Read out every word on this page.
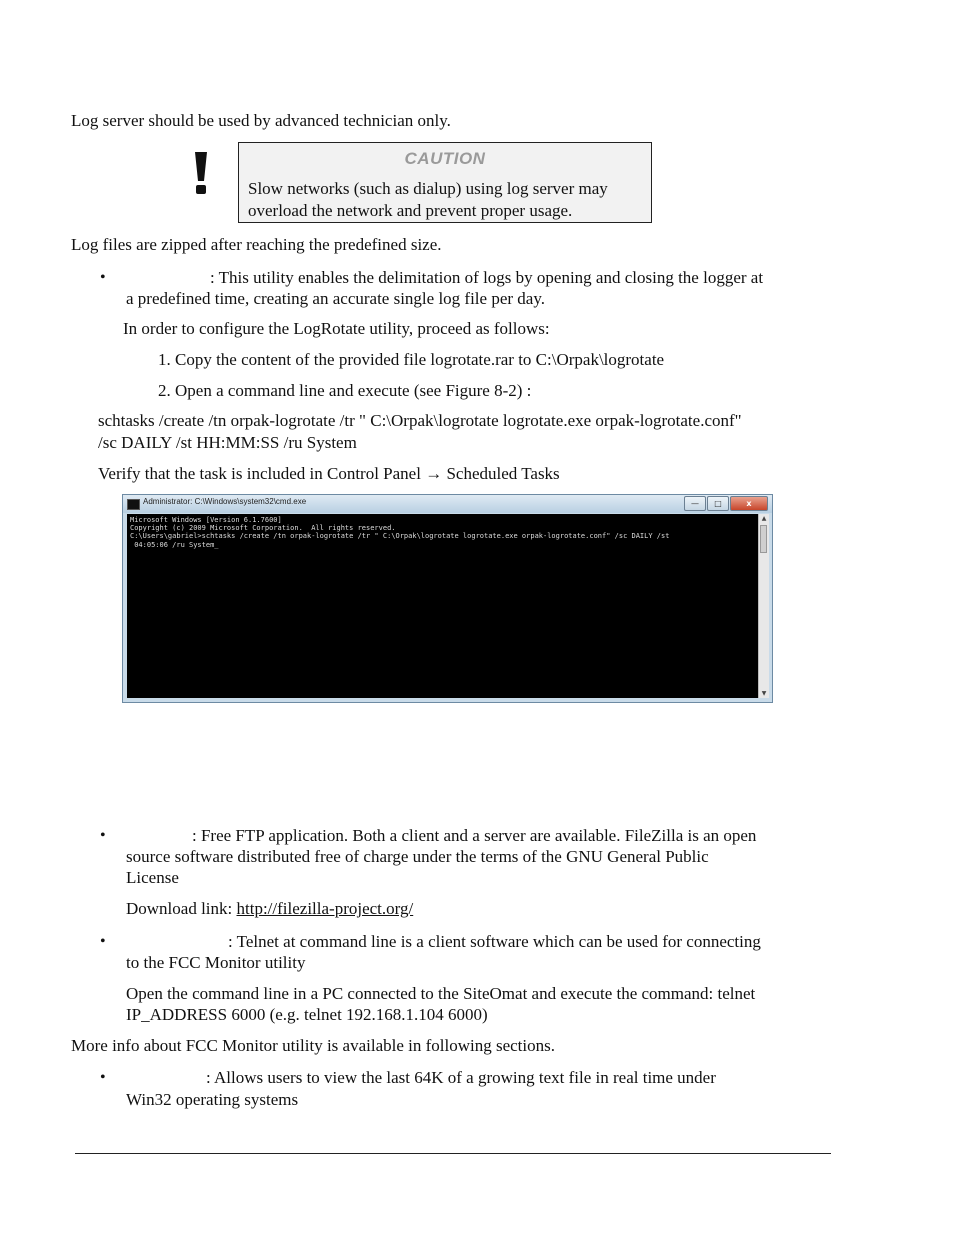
Log server should be used by advanced technician only.
CAUTION
Slow networks (such as dialup) using log server may
overload the network and prevent proper usage.
Log files are zipped after reaching the predefined size.
•	: This utility enables the delimitation of logs by opening and closing the logger at
a predefined time, creating an accurate single log file per day.
In order to configure the LogRotate utility, proceed as follows:
1. Copy the content of the provided file logrotate.rar to C:\Orpak\logrotate
2. Open a command line and execute (see Figure 8-2) :
schtasks /create /tn orpak-logrotate /tr " C:\Orpak\logrotate logrotate.exe orpak-logrotate.conf"
/sc DAILY /st HH:MM:SS /ru System
Verify that the task is included in Control Panel → Scheduled Tasks
Administrator: C:\Windows\system32\cmd.exe	—	□	x
Microsoft Windows [Version 6.1.7600]
Copyright (c) 2009 Microsoft Corporation.  All rights reserved.
C:\Users\gabriel>schtasks /create /tn orpak-logrotate /tr " C:\Orpak\logrotate logrotate.exe orpak-logrotate.conf" /sc DAILY /st
04:05:06 /ru System_
▲
▼
•	: Free FTP application. Both a client and a server are available. FileZilla is an open
source software distributed free of charge under the terms of the GNU General Public
License
Download link: http://filezilla-project.org/
•	: Telnet at command line is a client software which can be used for connecting
to the FCC Monitor utility
Open the command line in a PC connected to the SiteOmat and execute the command: telnet
IP_ADDRESS 6000 (e.g. telnet 192.168.1.104 6000)
More info about FCC Monitor utility is available in following sections.
•	: Allows users to view the last 64K of a growing text file in real time under
Win32 operating systems
